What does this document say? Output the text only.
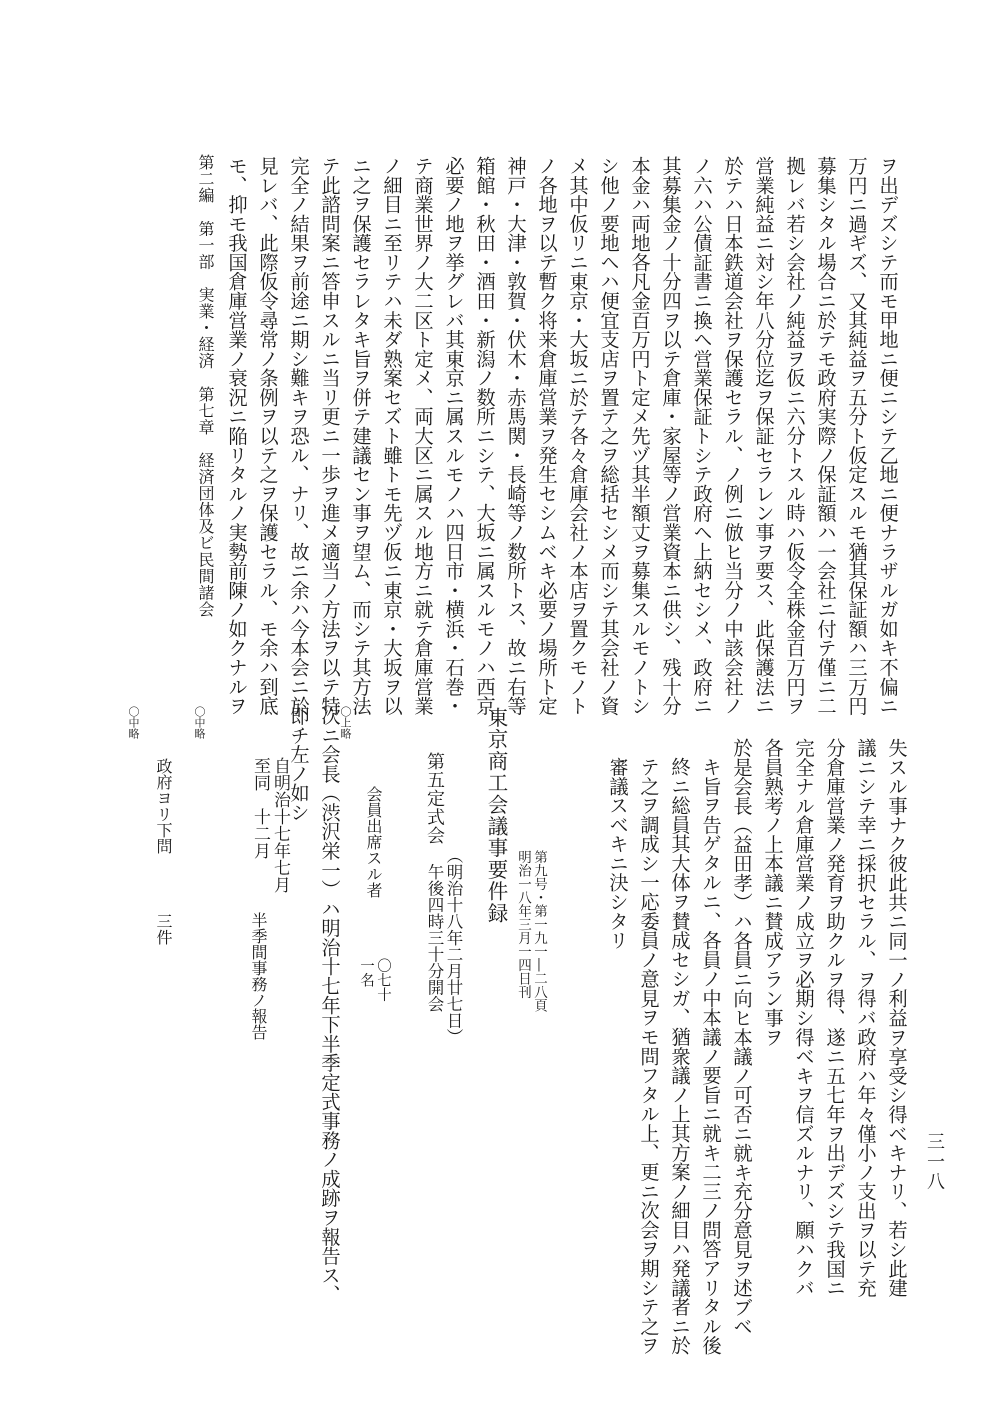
第二編　第一部　実業・経済　第七章　経済団体及ビ民間諸会
三一八
モ、抑モ我国倉庫営業ノ衰況ニ陥リタルノ実勢前陳ノ如クナルヲ 見レバ、此際仮令尋常ノ条例ヲ以テ之ヲ保護セラル、モ余ハ到底 完全ノ結果ヲ前途ニ期シ難キヲ恐ル、ナリ、故ニ余ハ今本会ニ於 テ此諮問案ニ答申スルニ当リ更ニ一歩ヲ進メ適当ノ方法ヲ以テ特 ニ之ヲ保護セラレタキ旨ヲ併テ建議セン事ヲ望ム、而シテ其方法 ノ細目ニ至リテハ未ダ熟案セズト雖トモ先ヅ仮ニ東京・大坂ヲ以 テ商業世界ノ大二区ト定メ、両大区ニ属スル地方ニ就テ倉庫営業 必要ノ地ヲ挙グレバ其東京ニ属スルモノハ四日市・横浜・石巻・ 箱館・秋田・酒田・新潟ノ数所ニシテ、大坂ニ属スルモノハ西京 神戸・大津・敦賀・伏木・赤馬関・長崎等ノ数所トス、故ニ右等 ノ各地ヲ以テ暫ク将来倉庫営業ヲ発生セシムベキ必要ノ場所ト定 メ其中仮リニ東京・大坂ニ於テ各々倉庫会社ノ本店ヲ置クモノト シ他ノ要地ヘハ便宜支店ヲ置テ之ヲ総括セシメ而シテ其会社ノ資 本金ハ両地各凡金百万円ト定メ先ヅ其半額丈ヲ募集スルモノトシ 其募集金ノ十分四ヲ以テ倉庫・家屋等ノ営業資本ニ供シ、残十分 ノ六ハ公債証書ニ換ヘ営業保証トシテ政府ヘ上納セシメ、政府ニ 於テハ日本鉄道会社ヲ保護セラル、ノ例ニ倣ヒ当分ノ中該会社ノ 営業純益ニ対シ年八分位迄ヲ保証セラレン事ヲ要ス、此保護法ニ 拠レバ若シ会社ノ純益ヲ仮ニ六分トスル時ハ仮令全株金百万円ヲ 募集シタル場合ニ於テモ政府実際ノ保証額ハ一会社ニ付テ僅ニ二 万円ニ過ギズ、又其純益ヲ五分ト仮定スルモ猶其保証額ハ三万円 ヲ出デズシテ而モ甲地ニ便ニシテ乙地ニ便ナラザルガ如キ不偏ニ
失スル事ナク彼此共ニ同一ノ利益ヲ享受シ得ベキナリ、若シ此建
議ニシテ幸ニ採択セラル、ヲ得バ政府ハ年々僅小ノ支出ヲ以テ充
分倉庫営業ノ発育ヲ助クルヲ得、遂ニ五七年ヲ出デズシテ我国ニ
完全ナル倉庫営業ノ成立ヲ必期シ得ベキヲ信ズルナリ、願ハクバ
各員熟考ノ上本議ニ賛成アラン事ヲ
於是会長（益田孝）ハ各員ニ向ヒ本議ノ可否ニ就キ充分意見ヲ述ブベ
キ旨ヲ告ゲタルニ、各員ノ中本議ノ要旨ニ就キ二三ノ問答アリタル後
終ニ総員其大体ヲ賛成セシガ、猶衆議ノ上其方案ノ細目ハ発議者ニ於
テ之ヲ調成シ一応委員ノ意見ヲモ問フタル上、更ニ次会ヲ期シテ之ヲ
審議スベキニ決シタリ
東京商工会議事要件録
第九号・第一九一―二八頁
明治一八年三月一四日刊
第五定式会
（明治十八年二月廿七日）
　午後四時三十分開会
会員出席スル者
〇七十
一名
〇上略
次ニ会長（渋沢栄一）ハ明治十七年下半季定式事務ノ成跡ヲ報告ス、
即チ左ノ如シ
自明治十七年七月
至同　十二月
半季間事務ノ報告
〇中略
政府ヨリ下問
三件
〇中略
